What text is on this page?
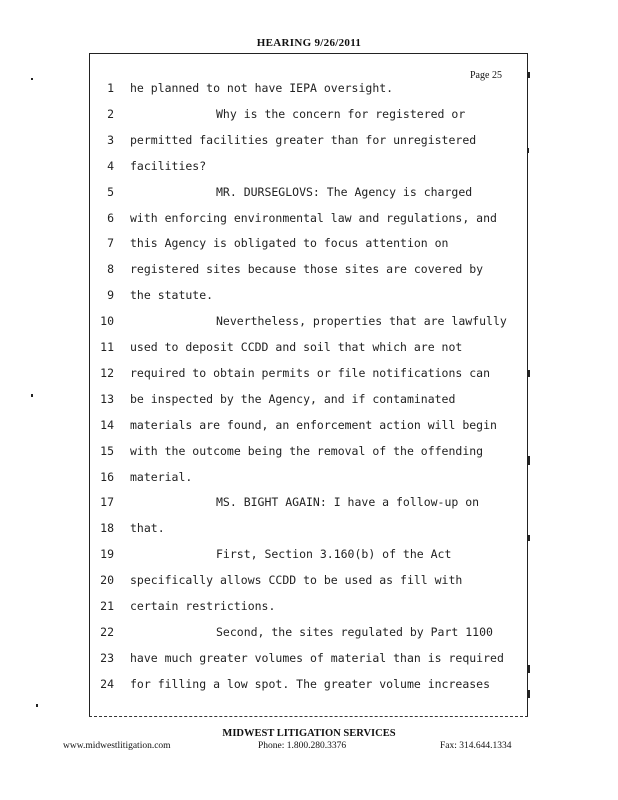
HEARING 9/26/2011
Page 25
1 he planned to not have IEPA oversight.
2	Why is the concern for registered or
3 permitted facilities greater than for unregistered
4 facilities?
5	MR. DURSEGLOVS: The Agency is charged
6 with enforcing environmental law and regulations, and
7 this Agency is obligated to focus attention on
8 registered sites because those sites are covered by
9 the statute.
10	Nevertheless, properties that are lawfully
11 used to deposit CCDD and soil that which are not
12 required to obtain permits or file notifications can
13 be inspected by the Agency, and if contaminated
14 materials are found, an enforcement action will begin
15 with the outcome being the removal of the offending
16 material.
17	MS. BIGHT AGAIN: I have a follow-up on
18 that.
19	First, Section 3.160(b) of the Act
20 specifically allows CCDD to be used as fill with
21 certain restrictions.
22	Second, the sites regulated by Part 1100
23 have much greater volumes of material than is required
24 for filling a low spot. The greater volume increases
MIDWEST LITIGATION SERVICES
www.midwestlitigation.com	Phone: 1.800.280.3376	Fax: 314.644.1334
